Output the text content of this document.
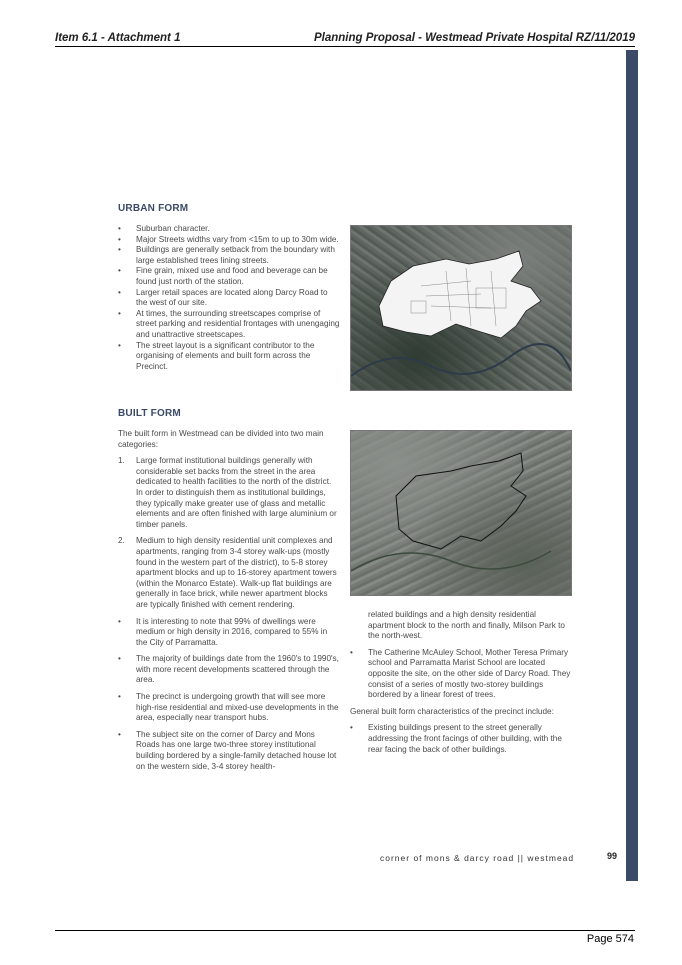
Item 6.1 - Attachment 1	Planning Proposal - Westmead Private Hospital RZ/11/2019
URBAN FORM
• Suburban character.
• Major Streets widths vary from <15m to up to 30m wide.
• Buildings are generally setback from the boundary with large established trees lining streets.
• Fine grain, mixed use and food and beverage can be found just north of the station.
• Larger retail spaces are located along Darcy Road to the west of our site.
• At times, the surrounding streetscapes comprise of street parking and residential frontages with unengaging and unattractive streetscapes.
• The street layout is a significant contributor to the organising of elements and built form across the Precinct.
BUILT FORM

The built form in Westmead can be divided into two main categories:

1. Large format institutional buildings generally with considerable set backs from the street in the area dedicated to health facilities to the north of the district. In order to distinguish them as institutional buildings, they typically make greater use of glass and metallic elements and are often finished with large aluminium or timber panels.
2. Medium to high density residential unit complexes and apartments, ranging from 3-4 storey walk-ups (mostly found in the western part of the district), to 5-8 storey apartment blocks and up to 16-storey apartment towers (within the Monarco Estate). Walk-up flat buildings are generally in face brick, while newer apartment blocks are typically finished with cement rendering.
• It is interesting to note that 99% of dwellings were medium or high density in 2016, compared to 55% in the City of Parramatta.
• The majority of buildings date from the 1960's to 1990's, with more recent developments scattered through the area.
• The precinct is undergoing growth that will see more high-rise residential and mixed-use developments in the area, especially near transport hubs.
• The subject site on the corner of Darcy and Mons Roads has one large two-three storey institutional building bordered by a single-family detached house lot on the western side, 3-4 storey health-

related buildings and a high density residential apartment block to the north and finally, Milson Park to the north-west.

• The Catherine McAuley School, Mother Teresa Primary school and Parramatta Marist School are located opposite the site, on the other side of Darcy Road. They consist of a series of mostly two-storey buildings bordered by a linear forest of trees.

General built form characteristics of the precinct include:

• Existing buildings present to the street generally addressing the front facings of other building, with the rear facing the back of other buildings.
corner of mons & darcy road || westmead	99
Page 574
